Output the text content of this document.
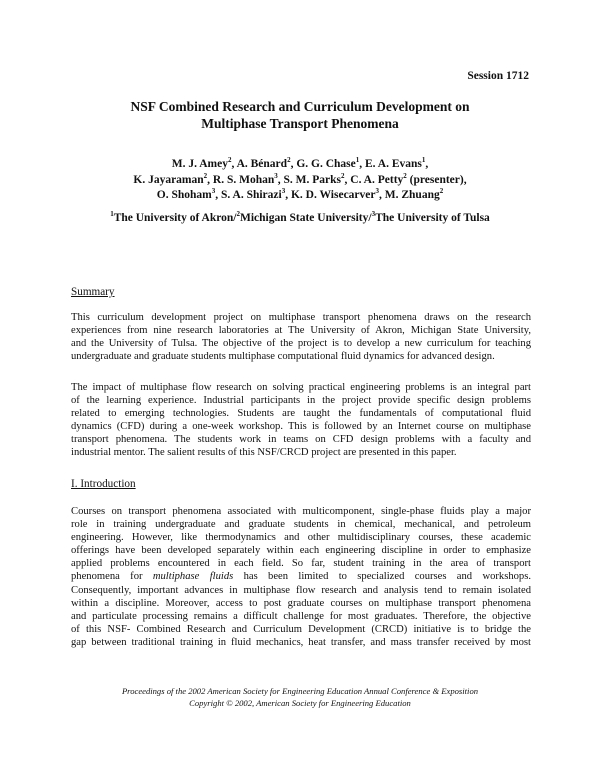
Session 1712
NSF Combined Research and Curriculum Development on
Multiphase Transport Phenomena
M. J. Amey$^2$, A. Bénard$^2$, G. G. Chase$^1$, E. A. Evans$^1$,
K. Jayaraman$^2$, R. S. Mohan$^3$, S. M. Parks$^2$, C. A. Petty$^2$ (presenter),
O. Shoham$^3$, S. A. Shirazi$^3$, K. D. Wisecarver$^3$, M. Zhuang$^2$
$^1$The University of Akron/$^2$Michigan State University/$^3$The University of Tulsa
Summary
This curriculum development project on multiphase transport phenomena draws on the research
experiences from nine research laboratories at The University of Akron, Michigan State University,
and the University of Tulsa. The objective of the project is to develop a new curriculum for teaching
undergraduate and graduate students multiphase computational fluid dynamics for advanced design.
The impact of multiphase flow research on solving practical engineering problems is an integral part
of the learning experience. Industrial participants in the project provide specific design problems
related to emerging technologies. Students are taught the fundamentals of computational fluid
dynamics (CFD) during a one-week workshop. This is followed by an Internet course on multiphase
transport phenomena. The students work in teams on CFD design problems with a faculty and
industrial mentor. The salient results of this NSF/CRCD project are presented in this paper.
I. Introduction
Courses on transport phenomena associated with multicomponent, single-phase fluids play a major
role in training undergraduate and graduate students in chemical, mechanical, and petroleum
engineering. However, like thermodynamics and other multidisciplinary courses, these academic
offerings have been developed separately within each engineering discipline in order to emphasize
applied problems encountered in each field. So far, student training in the area of transport
phenomena for multiphase fluids has been limited to specialized courses and workshops.
Consequently, important advances in multiphase flow research and analysis tend to remain isolated
within a discipline. Moreover, access to post graduate courses on multiphase transport phenomena
and particulate processing remains a difficult challenge for most graduates. Therefore, the objective
of this NSF- Combined Research and Curriculum Development (CRCD) initiative is to bridge the
gap between traditional training in fluid mechanics, heat transfer, and mass transfer received by most
Proceedings of the 2002 American Society for Engineering Education Annual Conference & Exposition
Copyright © 2002, American Society for Engineering Education
